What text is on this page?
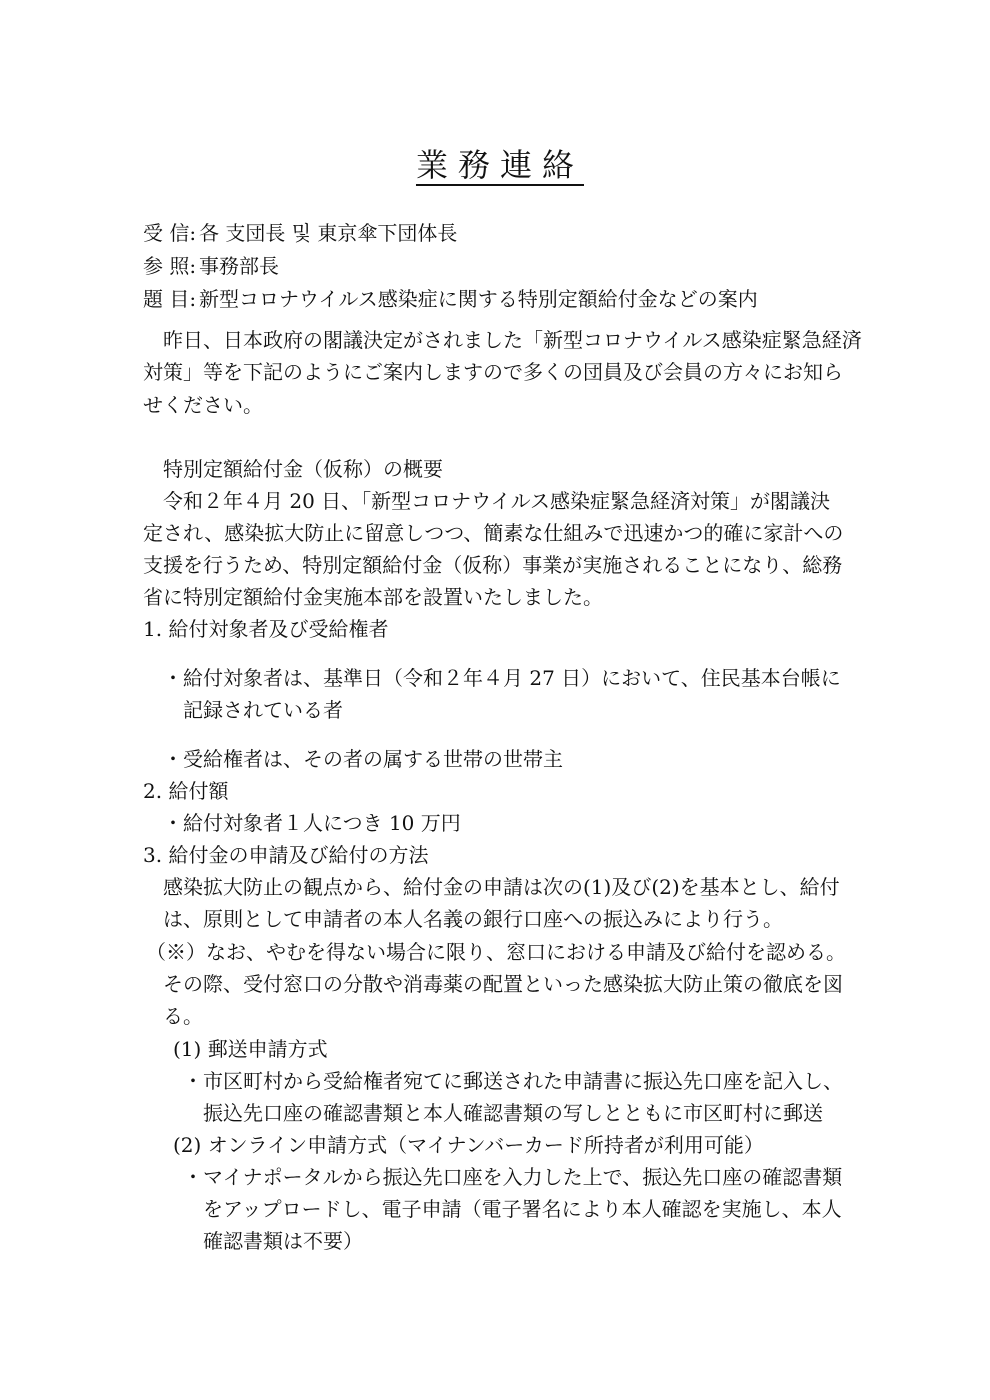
業務連絡
受 信: 各 支団長 및 東京傘下団体長
参 照: 事務部長
題 目: 新型コロナウイルス感染症に関する特別定額給付金などの案内
昨日、日本政府の閣議決定がされました「新型コロナウイルス感染症緊急経済
対策」等を下記のようにご案内しますので多くの団員及び会員の方々にお知ら
せください。
特別定額給付金（仮称）の概要
令和２年４月 20 日、「新型コロナウイルス感染症緊急経済対策」が閣議決
定され、感染拡大防止に留意しつつ、簡素な仕組みで迅速かつ的確に家計への
支援を行うため、特別定額給付金（仮称）事業が実施されることになり、総務
省に特別定額給付金実施本部を設置いたしました。
1. 給付対象者及び受給権者
・給付対象者は、基準日（令和２年４月 27 日）において、住民基本台帳に
記録されている者
・受給権者は、その者の属する世帯の世帯主
2. 給付額
・給付対象者１人につき 10 万円
3. 給付金の申請及び給付の方法
感染拡大防止の観点から、給付金の申請は次の(1)及び(2)を基本とし、給付
は、原則として申請者の本人名義の銀行口座への振込みにより行う。
（※）なお、やむを得ない場合に限り、窓口における申請及び給付を認める。
その際、受付窓口の分散や消毒薬の配置といった感染拡大防止策の徹底を図
る。
(1) 郵送申請方式
・市区町村から受給権者宛てに郵送された申請書に振込先口座を記入し、
振込先口座の確認書類と本人確認書類の写しとともに市区町村に郵送
(2) オンライン申請方式（マイナンバーカード所持者が利用可能）
・マイナポータルから振込先口座を入力した上で、振込先口座の確認書類
をアップロードし、電子申請（電子署名により本人確認を実施し、本人
確認書類は不要）
